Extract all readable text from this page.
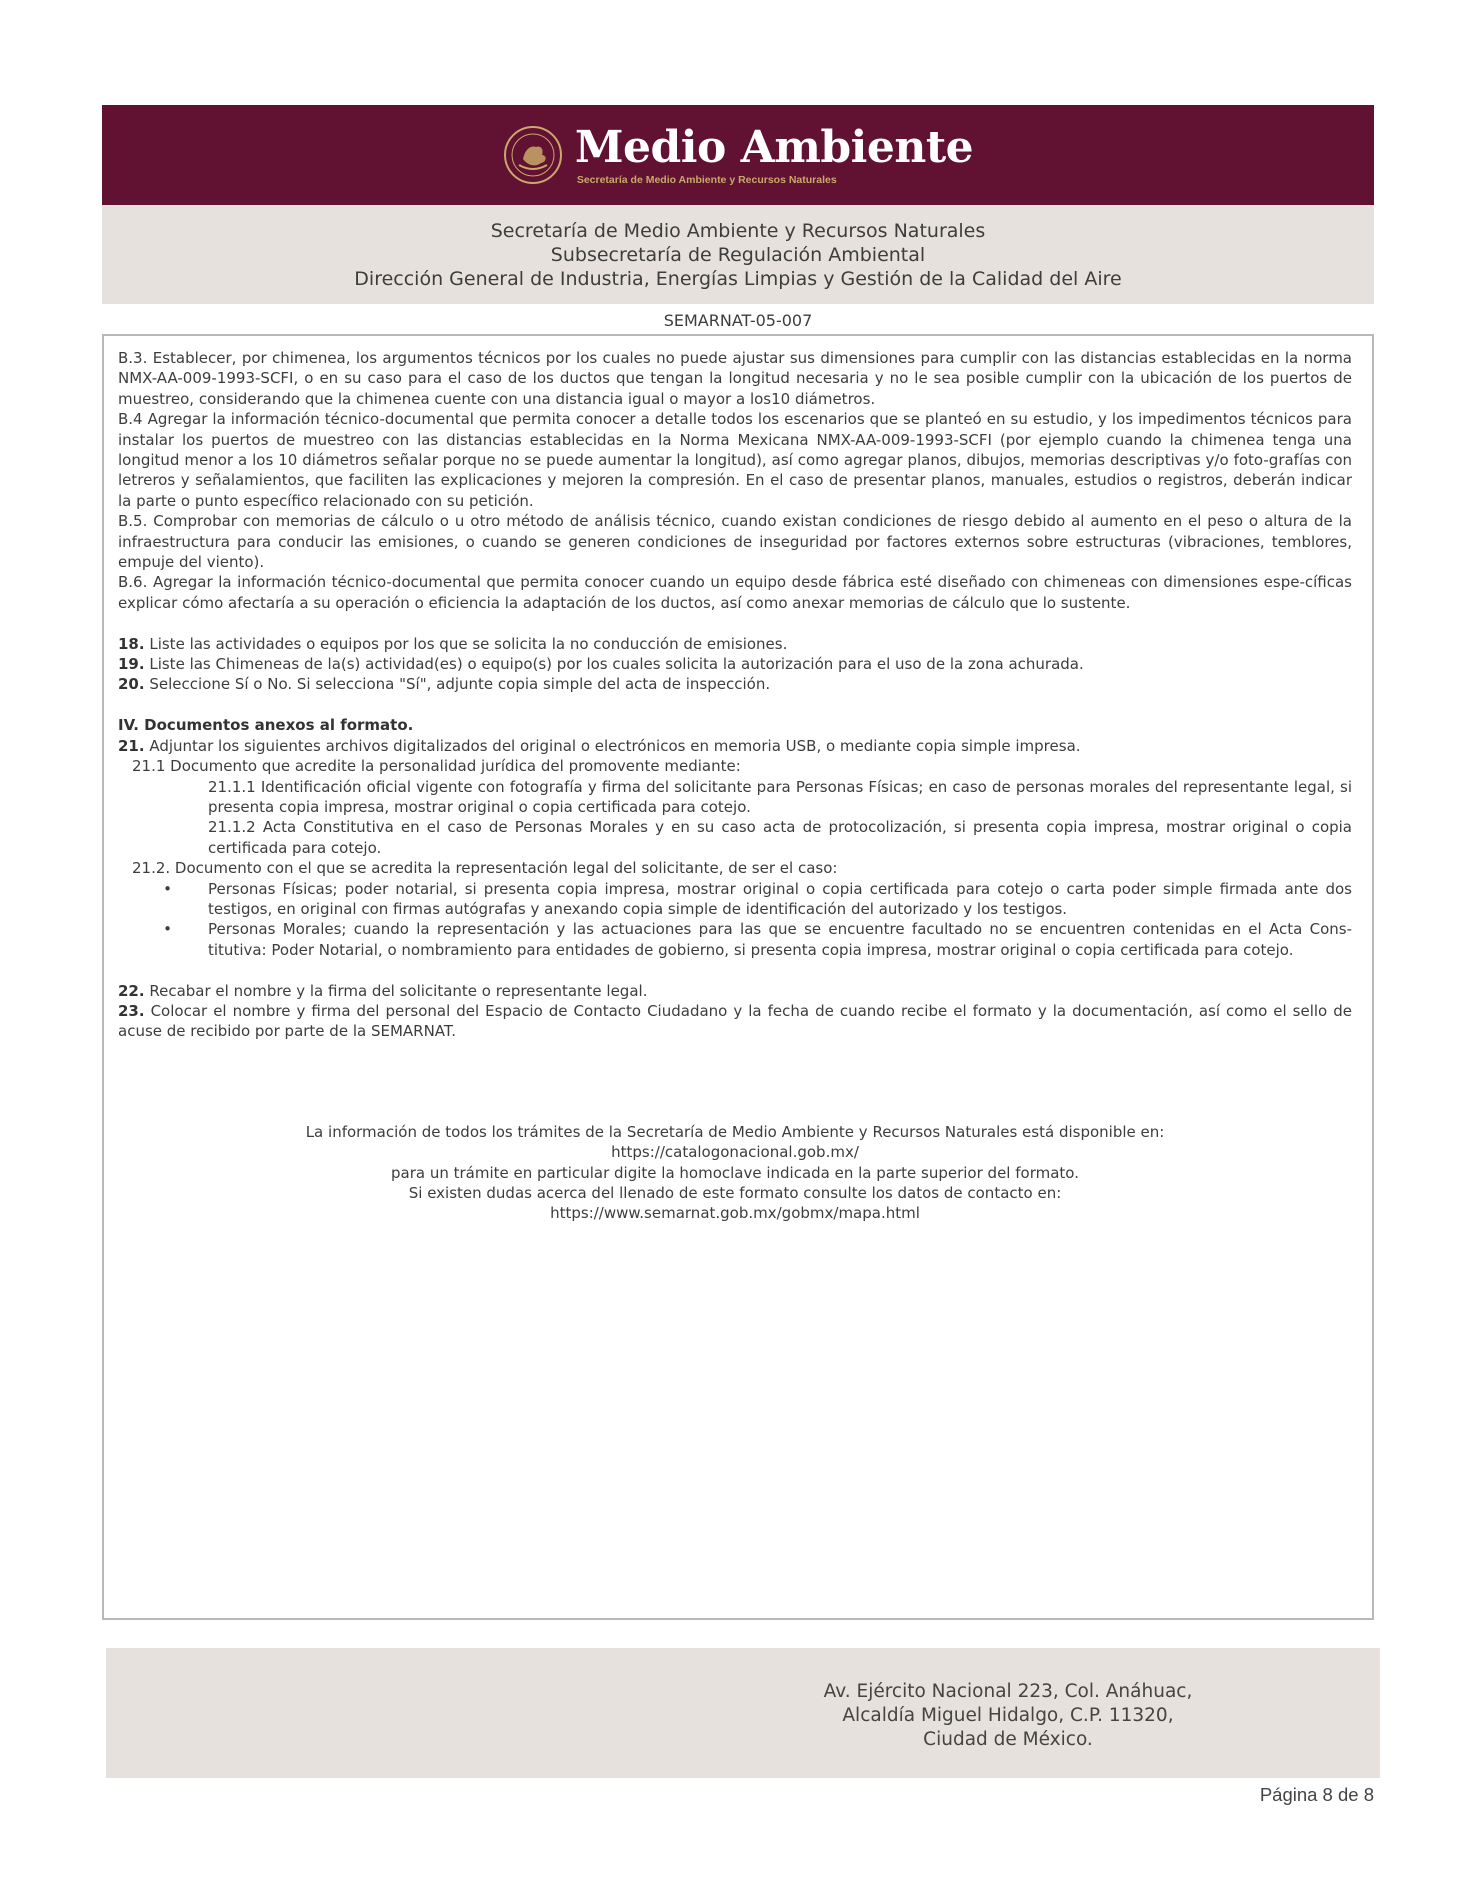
Medio Ambiente
Secretaría de Medio Ambiente y Recursos Naturales
Secretaría de Medio Ambiente y Recursos Naturales
Subsecretaría de Regulación Ambiental
Dirección General de Industria, Energías Limpias y Gestión de la Calidad del Aire
SEMARNAT-05-007

B.3. Establecer, por chimenea, los argumentos técnicos por los cuales no puede ajustar sus dimensiones para cumplir con las distancias establecidas en la norma NMX-AA-009-1993-SCFI, o en su caso para el caso de los ductos que tengan la longitud necesaria y no le sea posible cumplir con la ubicación de los puertos de muestreo, considerando que la chimenea cuente con una distancia igual o mayor a los10 diámetros.

B.4 Agregar la información técnico-documental que permita conocer a detalle todos los escenarios que se planteó en su estudio, y los impedimentos técnicos para instalar los puertos de muestreo con las distancias establecidas en la Norma Mexicana NMX-AA-009-1993-SCFI (por ejemplo cuando la chimenea tenga una longitud menor a los 10 diámetros señalar porque no se puede aumentar la longitud), así como agregar planos, dibujos, memorias descriptivas y/o foto-grafías con letreros y señalamientos, que faciliten las explicaciones y mejoren la compresión. En el caso de presentar planos, manuales, estudios o registros, deberán indicar la parte o punto específico relacionado con su petición.

B.5. Comprobar con memorias de cálculo o u otro método de análisis técnico, cuando existan condiciones de riesgo debido al aumento en el peso o altura de la infraestructura para conducir las emisiones, o cuando se generen condiciones de inseguridad por factores externos sobre estructuras (vibraciones, temblores, empuje del viento).

B.6. Agregar la información técnico-documental que permita conocer cuando un equipo desde fábrica esté diseñado con chimeneas con dimensiones espe-cíficas explicar cómo afectaría a su operación o eficiencia la adaptación de los ductos, así como anexar memorias de cálculo que lo sustente.

18. Liste las actividades o equipos por los que se solicita la no conducción de emisiones.

19. Liste las Chimeneas de la(s) actividad(es) o equipo(s) por los cuales solicita la autorización para el uso de la zona achurada.

20. Seleccione Sí o No. Si selecciona "Sí", adjunte copia simple del acta de inspección.

IV. Documentos anexos al formato.

21. Adjuntar los siguientes archivos digitalizados del original o electrónicos en memoria USB, o mediante copia simple impresa.

21.1 Documento que acredite la personalidad jurídica del promovente mediante:

21.1.1 Identificación oficial vigente con fotografía y firma del solicitante para Personas Físicas; en caso de personas morales del representante legal, si presenta copia impresa, mostrar original o copia certificada para cotejo.

21.1.2 Acta Constitutiva en el caso de Personas Morales y en su caso acta de protocolización, si presenta copia impresa, mostrar original o copia certificada para cotejo.

21.2. Documento con el que se acredita la representación legal del solicitante, de ser el caso:

•	Personas Físicas; poder notarial, si presenta copia impresa, mostrar original o copia certificada para cotejo o carta poder simple firmada ante dos testigos, en original con firmas autógrafas y anexando copia simple de identificación del autorizado y los testigos.
•	Personas Morales; cuando la representación y las actuaciones para las que se encuentre facultado no se encuentren contenidas en el Acta Cons-titutiva: Poder Notarial, o nombramiento para entidades de gobierno, si presenta copia impresa, mostrar original o copia certificada para cotejo.

22. Recabar el nombre y la firma del solicitante o representante legal.

23. Colocar el nombre y firma del personal del Espacio de Contacto Ciudadano y la fecha de cuando recibe el formato y la documentación, así como el sello de acuse de recibido por parte de la SEMARNAT.

La información de todos los trámites de la Secretaría de Medio Ambiente y Recursos Naturales está disponible en:
https://catalogonacional.gob.mx/
para un trámite en particular digite la homoclave indicada en la parte superior del formato.
Si existen dudas acerca del llenado de este formato consulte los datos de contacto en:
https://www.semarnat.gob.mx/gobmx/mapa.html
Av. Ejército Nacional 223, Col. Anáhuac,
Alcaldía Miguel Hidalgo, C.P. 11320,
Ciudad de México.
Página 8 de 8
